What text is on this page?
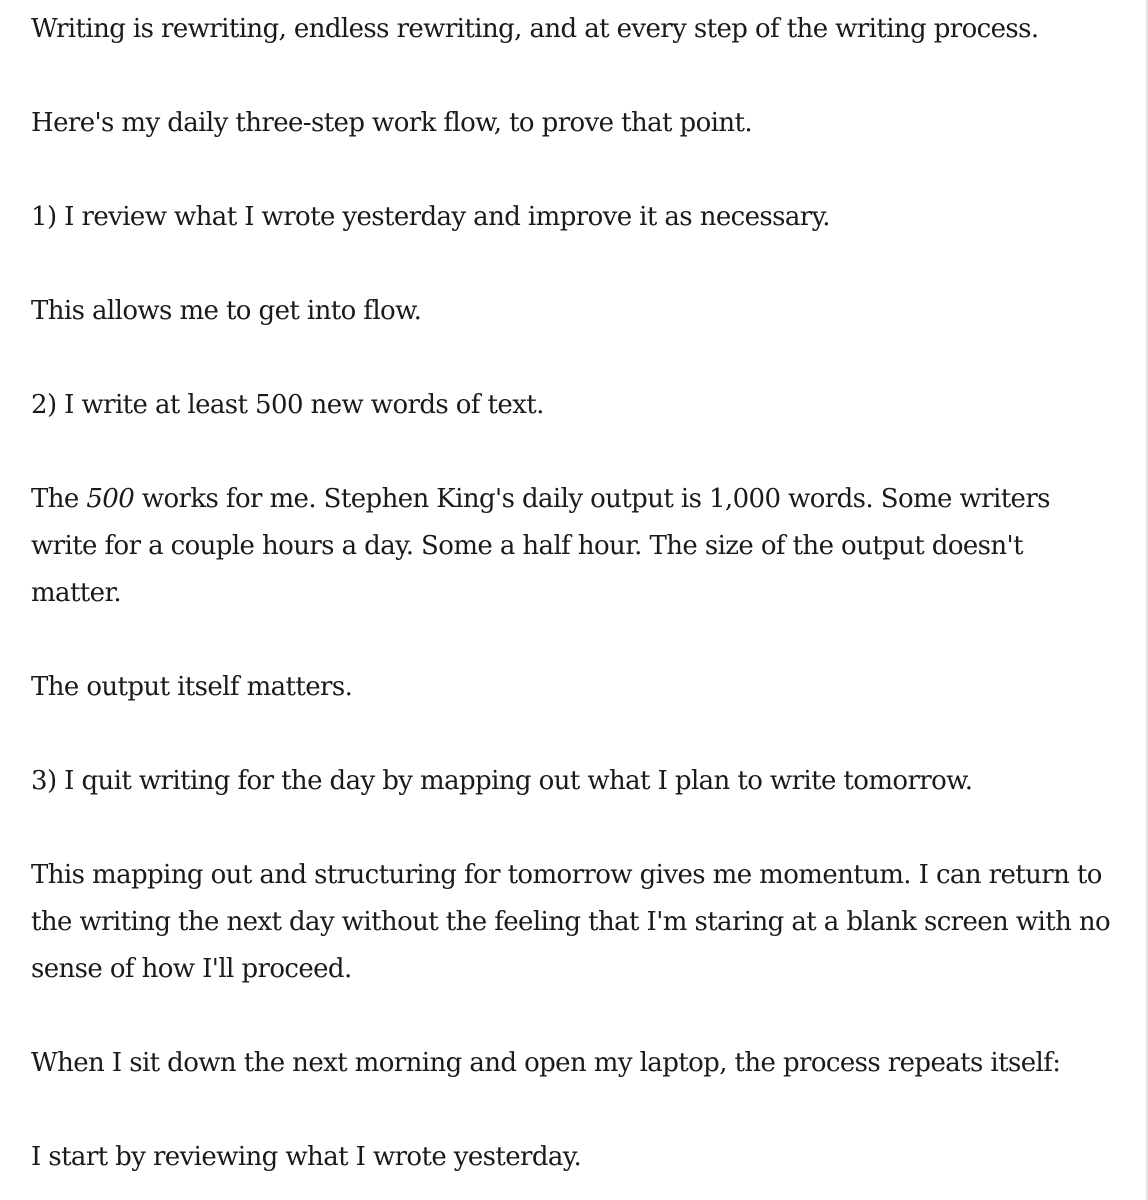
Writing is rewriting, endless rewriting, and at every step of the writing process.

Here's my daily three-step work flow, to prove that point.

1) I review what I wrote yesterday and improve it as necessary.

This allows me to get into flow.

2) I write at least 500 new words of text.

The 500 works for me. Stephen King's daily output is 1,000 words. Some writers write for a couple hours a day. Some a half hour. The size of the output doesn't matter.

The output itself matters.

3) I quit writing for the day by mapping out what I plan to write tomorrow.

This mapping out and structuring for tomorrow gives me momentum. I can return to the writing the next day without the feeling that I'm staring at a blank screen with no sense of how I'll proceed.

When I sit down the next morning and open my laptop, the process repeats itself:

I start by reviewing what I wrote yesterday.
